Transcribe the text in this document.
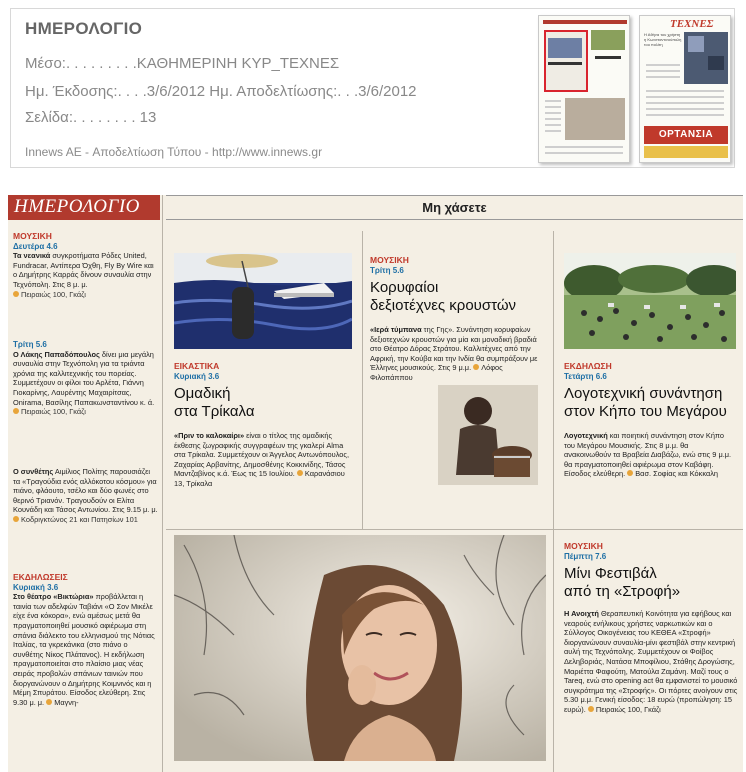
ΗΜΕΡΟΛΟΓΙΟ
Μέσο:. . . . . . . . .ΚΑΘΗΜΕΡΙΝΗ ΚΥΡ_ΤΕΧΝΕΣ
Ημ. Έκδοσης:. . . .3/6/2012 Ημ. Αποδελτίωσης:. . .3/6/2012
Σελίδα:. . . . . . . . 13
Innews AE - Αποδελτίωση Τύπου - http://www.innews.gr
ΤΕΧΝΕΣ
Η Αθήνα του χρήστη η Κωνσταντινούπολη του πολίτη
ΟΡΤΑΝΣΙΑ
ΗΜΕΡΟΛΟΓΙΟ
ΜΟΥΣΙΚΗ
Δευτέρα 4.6

Τα νεανικά συγκροτήματα Ρόδες United, Fundracar, Αντίπερα Όχθη, Fly By Wire και ο Δημήτρης Καρράς δίνουν συναυλία στην Τεχνόπολη. Στις 8 μ. μ.

Πειραιώς 100, Γκάζι

Τρίτη 5.6

Ο Λάκης Παπαδόπουλος δίνει μια μεγάλη συναυλία στην Τεχνόπολη για τα τριάντα χρόνια της καλλιτεχνικής του πορείας. Συμμετέχουν οι φίλοι του Αρλέτα, Γιάννη Γιοκαρίνης, Λαυρέντης Μαχαιρίτσας, Onirama, Βασίλης Παπακωνσταντίνου κ. ά.

Πειραιώς 100, Γκάζι

Ο συνθέτης Αιμίλιος Πολίτης παρουσιάζει τα «Τραγούδια ενός αλλόκοτου κόσμου» για πιάνο, φλάουτο, τσέλο και δύο φωνές στο θερινό Τριανόν. Τραγουδούν οι Ελίτα Κουνάδη και Τάσος Αντωνίου. Στις 9.15 μ. μ.

Κοδριγκτώνος 21 και Πατησίων 101

ΕΚΔΗΛΩΣΕΙΣ
Κυριακή 3.6

Στο θέατρο «Βικτώρια» προβάλλεται η ταινία των αδελφών Ταβιάνι «Ο Σον Μικέλε είχε ένα κόκορα», ενώ αμέσως μετά θα πραγματοποιηθεί μουσικό αφιέρωμα στη σπάνια διάλεκτο του ελληνισμού της Νότιας Ιταλίας, τα γκρεκάνικα (στο πιάνο ο συνθέτης Νίκος Πλάτανος). Η εκδήλωση πραγματοποιείται στο πλαίσιο μιας νέας σειράς προβολών σπάνιων ταινιών που διοργανώνουν ο Δημήτρης Κοιμνινός και η Μέμη Σπυράτου. Είσοδος ελεύθερη. Στις 9.30 μ. μ. Μαγνη-

Μη χάσετε
ΕΙΚΑΣΤΙΚΑ
Κυριακή 3.6
Ομαδική
στα Τρίκαλα
«Πριν το καλοκαίρι» είναι ο τίτλος της ομαδικής έκθεσης ζωγραφικής συγγραφέων της γκαλερί Alma στα Τρίκαλα. Συμμετέχουν οι Άγγελος Αντωνόπουλος, Ζαχαρίας Αρβανίτης, Δημοσθένης Κοκκινίδης, Τάσος Μαντζαβίνος κ.ά. Έως τις 15 Ιουλίου. Καρανάσιου 13, Τρίκαλα
ΜΟΥΣΙΚΗ
Τρίτη 5.6
Κορυφαίοι
δεξιοτέχνες κρουστών
«Ιερά τύμπανα της Γης». Συνάντηση κορυφαίων δεξιοτεχνών κρουστών για μία και μοναδική βραδιά στο Θέατρο Δόρας Στράτου. Καλλιτέχνες από την Αφρική, την Κούβα και την Ινδία θα συμπράξουν με Έλληνες μουσικούς. Στις 9 μ.μ. Λόφος Φιλοπάππου
ΕΚΔΗΛΩΣΗ
Τετάρτη 6.6
Λογοτεχνική συνάντηση
στον Κήπο του Μεγάρου
Λογοτεχνική και ποιητική συνάντηση στον Κήπο του Μεγάρου Μουσικής. Στις 8 μ.μ. θα ανακοινωθούν τα Βραβεία Διαβάζω, ενώ στις 9 μ.μ. θα πραγματοποιηθεί αφιέρωμα στον Καβάφη. Είσοδος ελεύθερη. Βασ. Σοφίας και Κόκκαλη
ΜΟΥΣΙΚΗ
Πέμπτη 7.6
Μίνι Φεστιβάλ
από τη «Στροφή»
Η Ανοιχτή Θεραπευτική Κοινότητα για εφήβους και νεαρούς ενήλικους χρήστες ναρκωτικών και ο Σύλλογος Οικογένειας του ΚΕΘΕΑ «Στροφή» διοργανώνουν συναυλία-μίνι φεστιβάλ στην κεντρική αυλή της Τεχνόπολης. Συμμετέχουν οι Φοίβος Δεληβοριάς, Νατάσα Μποφίλιου, Στάθης Δρογώσης, Μαριέττα Φαφούτη, Ματούλα Ζαμάνη. Μαζί τους ο Tareq, ενώ στο opening act θα εμφανιστεί το μουσικό συγκρότημα της «Στροφής». Οι πόρτες ανοίγουν στις 5.30 μ.μ. Γενική είσοδος: 18 ευρώ (προπώληση: 15 ευρώ). Πειραιώς 100, Γκάζι
